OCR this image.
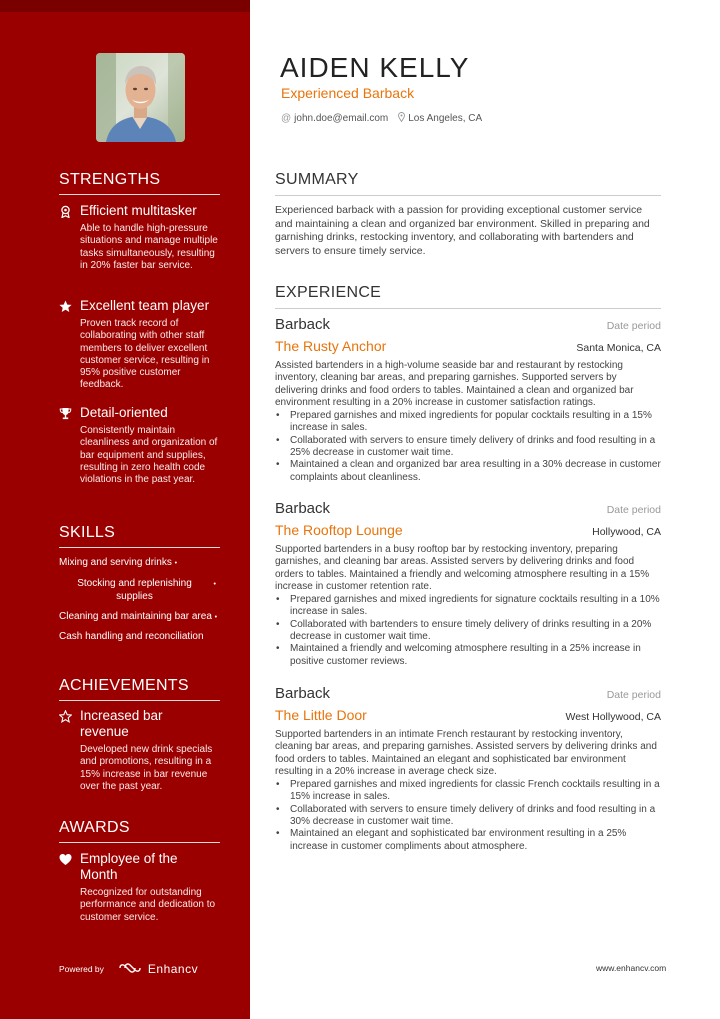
STRENGTHS
Efficient multitasker
Able to handle high-pressure situations and manage multiple tasks simultaneously, resulting in 20% faster bar service.
Excellent team player
Proven track record of collaborating with other staff members to deliver excellent customer service, resulting in 95% positive customer feedback.
Detail-oriented
Consistently maintain cleanliness and organization of bar equipment and supplies, resulting in zero health code violations in the past year.
SKILLS
Mixing and serving drinks •
Stocking and replenishing supplies
•
Cleaning and maintaining bar area •
Cash handling and reconciliation
ACHIEVEMENTS
Increased bar revenue
Developed new drink specials and promotions, resulting in a 15% increase in bar revenue over the past year.
AWARDS
Employee of the Month
Recognized for outstanding performance and dedication to customer service.
Powered by	Enhancv
AIDEN KELLY
Experienced Barback
@ john.doe@email.com Los Angeles, CA
SUMMARY

Experienced barback with a passion for providing exceptional customer service and maintaining a clean and organized bar environment. Skilled in preparing and garnishing drinks, restocking inventory, and collaborating with bartenders and servers to ensure timely service.

EXPERIENCE
Barback	Date period
The Rusty Anchor	Santa Monica, CA

Assisted bartenders in a high-volume seaside bar and restaurant by restocking inventory, cleaning bar areas, and preparing garnishes. Supported servers by delivering drinks and food orders to tables. Maintained a clean and organized bar environment resulting in a 20% increase in customer satisfaction ratings.

• Prepared garnishes and mixed ingredients for popular cocktails resulting in a 15% increase in sales.
• Collaborated with servers to ensure timely delivery of drinks and food resulting in a 25% decrease in customer wait time.
• Maintained a clean and organized bar area resulting in a 30% decrease in customer complaints about cleanliness.
Barback	Date period
The Rooftop Lounge	Hollywood, CA

Supported bartenders in a busy rooftop bar by restocking inventory, preparing garnishes, and cleaning bar areas. Assisted servers by delivering drinks and food orders to tables. Maintained a friendly and welcoming atmosphere resulting in a 15% increase in customer retention rate.

• Prepared garnishes and mixed ingredients for signature cocktails resulting in a 10% increase in sales.
• Collaborated with bartenders to ensure timely delivery of drinks resulting in a 20% decrease in customer wait time.
• Maintained a friendly and welcoming atmosphere resulting in a 25% increase in positive customer reviews.
Barback	Date period
The Little Door	West Hollywood, CA

Supported bartenders in an intimate French restaurant by restocking inventory, cleaning bar areas, and preparing garnishes. Assisted servers by delivering drinks and food orders to tables. Maintained an elegant and sophisticated bar environment resulting in a 20% increase in average check size.

• Prepared garnishes and mixed ingredients for classic French cocktails resulting in a 15% increase in sales.
• Collaborated with servers to ensure timely delivery of drinks and food resulting in a 30% decrease in customer wait time.
• Maintained an elegant and sophisticated bar environment resulting in a 25% increase in customer compliments about atmosphere.
www.enhancv.com
